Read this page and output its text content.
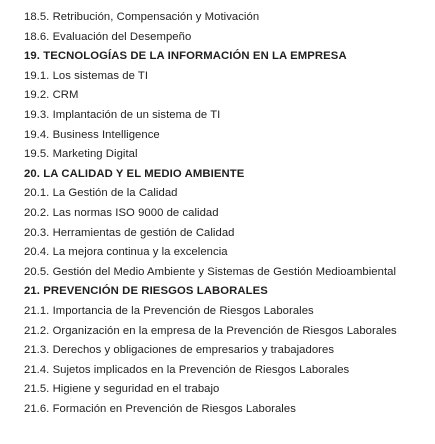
18.5. Retribución, Compensación y Motivación
18.6. Evaluación del Desempeño
19. TECNOLOGÍAS DE LA INFORMACIÓN EN LA EMPRESA
19.1. Los sistemas de TI
19.2. CRM
19.3. Implantación de un sistema de TI
19.4. Business Intelligence
19.5. Marketing Digital
20. LA CALIDAD Y EL MEDIO AMBIENTE
20.1. La Gestión de la Calidad
20.2. Las normas ISO 9000 de calidad
20.3. Herramientas de gestión de Calidad
20.4. La mejora continua y la excelencia
20.5. Gestión del Medio Ambiente y Sistemas de Gestión Medioambiental
21. PREVENCIÓN DE RIESGOS LABORALES
21.1. Importancia de la Prevención de Riesgos Laborales
21.2. Organización en la empresa de la Prevención de Riesgos Laborales
21.3. Derechos y obligaciones de empresarios y trabajadores
21.4. Sujetos implicados en la Prevención de Riesgos Laborales
21.5. Higiene y seguridad en el trabajo
21.6. Formación en Prevención de Riesgos Laborales
